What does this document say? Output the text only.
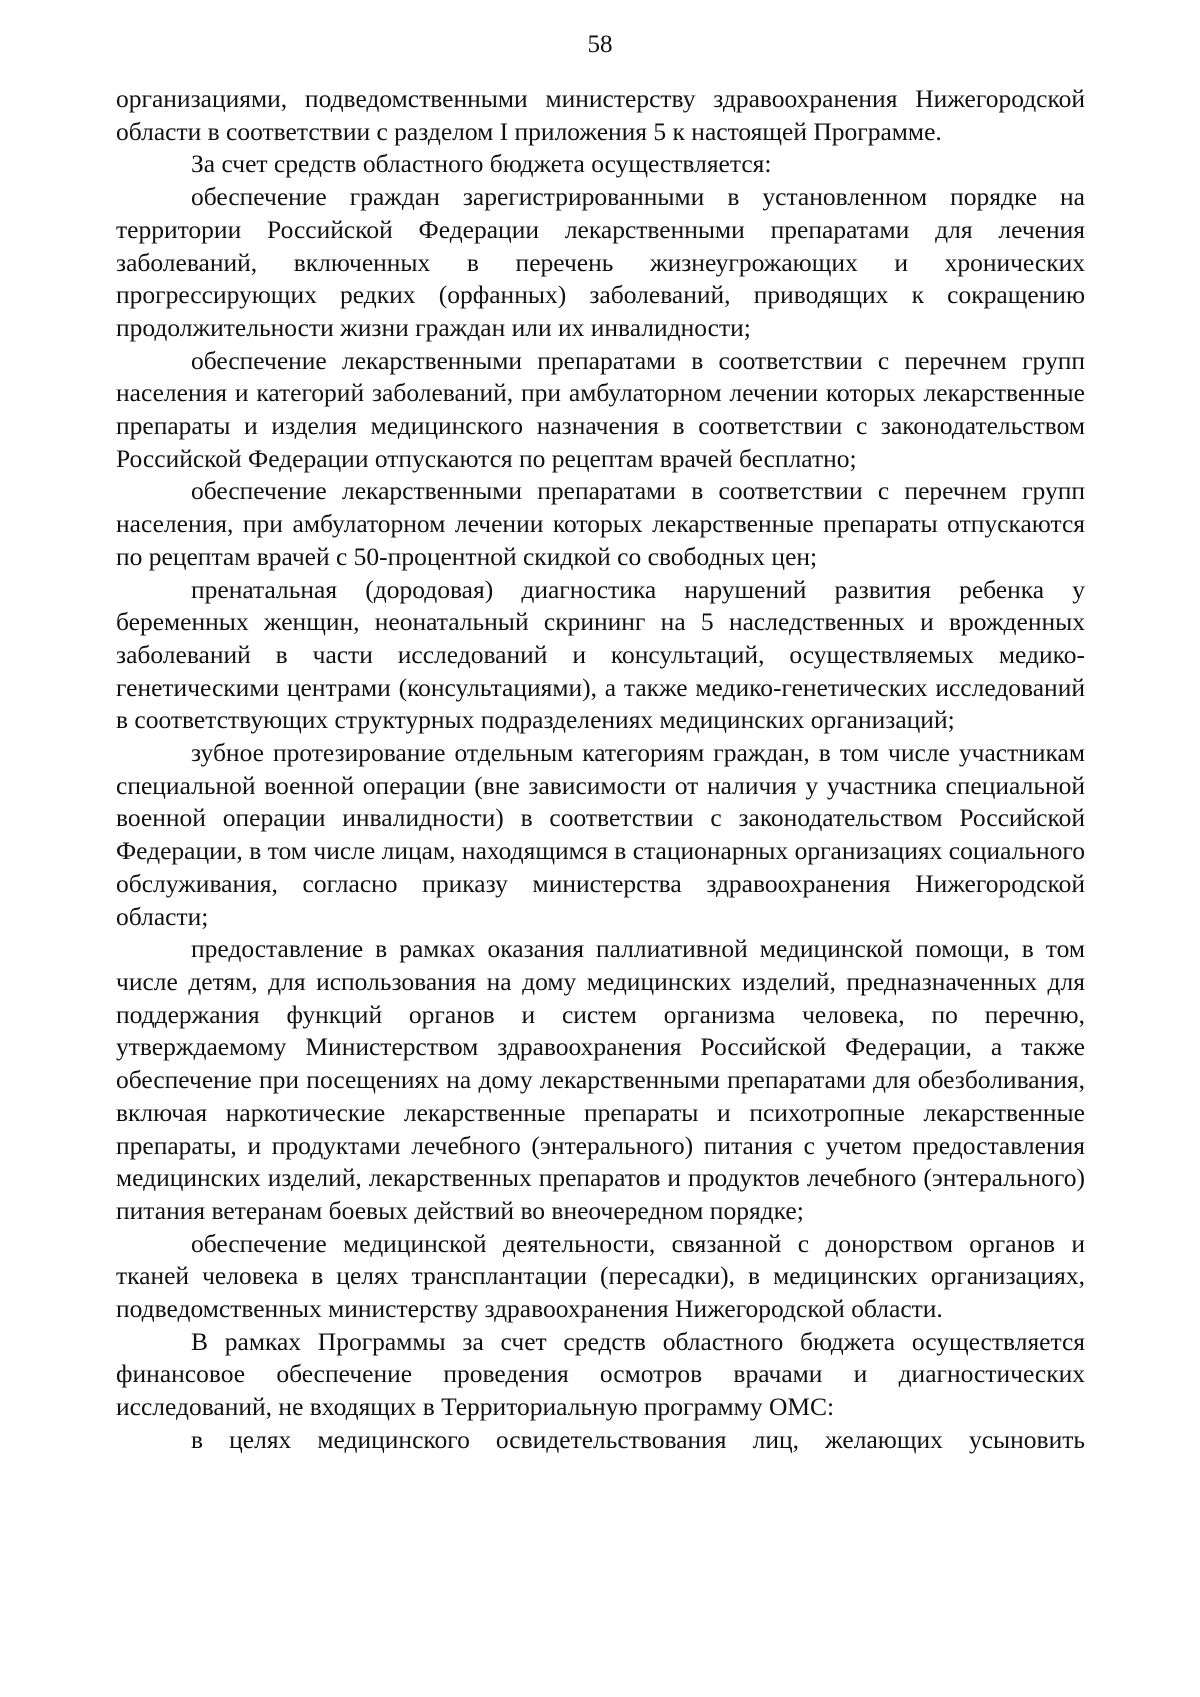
58

организациями, подведомственными министерству здравоохранения Нижегородской области в соответствии с разделом I приложения 5 к настоящей Программе.

За счет средств областного бюджета осуществляется:

обеспечение граждан зарегистрированными в установленном порядке на территории Российской Федерации лекарственными препаратами для лечения заболеваний, включенных в перечень жизнеугрожающих и хронических прогрессирующих редких (орфанных) заболеваний, приводящих к сокращению продолжительности жизни граждан или их инвалидности;

обеспечение лекарственными препаратами в соответствии с перечнем групп населения и категорий заболеваний, при амбулаторном лечении которых лекарственные препараты и изделия медицинского назначения в соответствии с законодательством Российской Федерации отпускаются по рецептам врачей бесплатно;

обеспечение лекарственными препаратами в соответствии с перечнем групп населения, при амбулаторном лечении которых лекарственные препараты отпускаются по рецептам врачей с 50-процентной скидкой со свободных цен;

пренатальная (дородовая) диагностика нарушений развития ребенка у беременных женщин, неонатальный скрининг на 5 наследственных и врожденных заболеваний в части исследований и консультаций, осуществляемых медико-генетическими центрами (консультациями), а также медико-генетических исследований в соответствующих структурных подразделениях медицинских организаций;

зубное протезирование отдельным категориям граждан, в том числе участникам специальной военной операции (вне зависимости от наличия у участника специальной военной операции инвалидности) в соответствии с законодательством Российской Федерации, в том числе лицам, находящимся в стационарных организациях социального обслуживания, согласно приказу министерства здравоохранения Нижегородской области;

предоставление в рамках оказания паллиативной медицинской помощи, в том числе детям, для использования на дому медицинских изделий, предназначенных для поддержания функций органов и систем организма человека, по перечню, утверждаемому Министерством здравоохранения Российской Федерации, а также обеспечение при посещениях на дому лекарственными препаратами для обезболивания, включая наркотические лекарственные препараты и психотропные лекарственные препараты, и продуктами лечебного (энтерального) питания с учетом предоставления медицинских изделий, лекарственных препаратов и продуктов лечебного (энтерального) питания ветеранам боевых действий во внеочередном порядке;

обеспечение медицинской деятельности, связанной с донорством органов и тканей человека в целях трансплантации (пересадки), в медицинских организациях, подведомственных министерству здравоохранения Нижегородской области.

В рамках Программы за счет средств областного бюджета осуществляется финансовое обеспечение проведения осмотров врачами и диагностических исследований, не входящих в Территориальную программу ОМС:

в целях медицинского освидетельствования лиц, желающих усыновить
